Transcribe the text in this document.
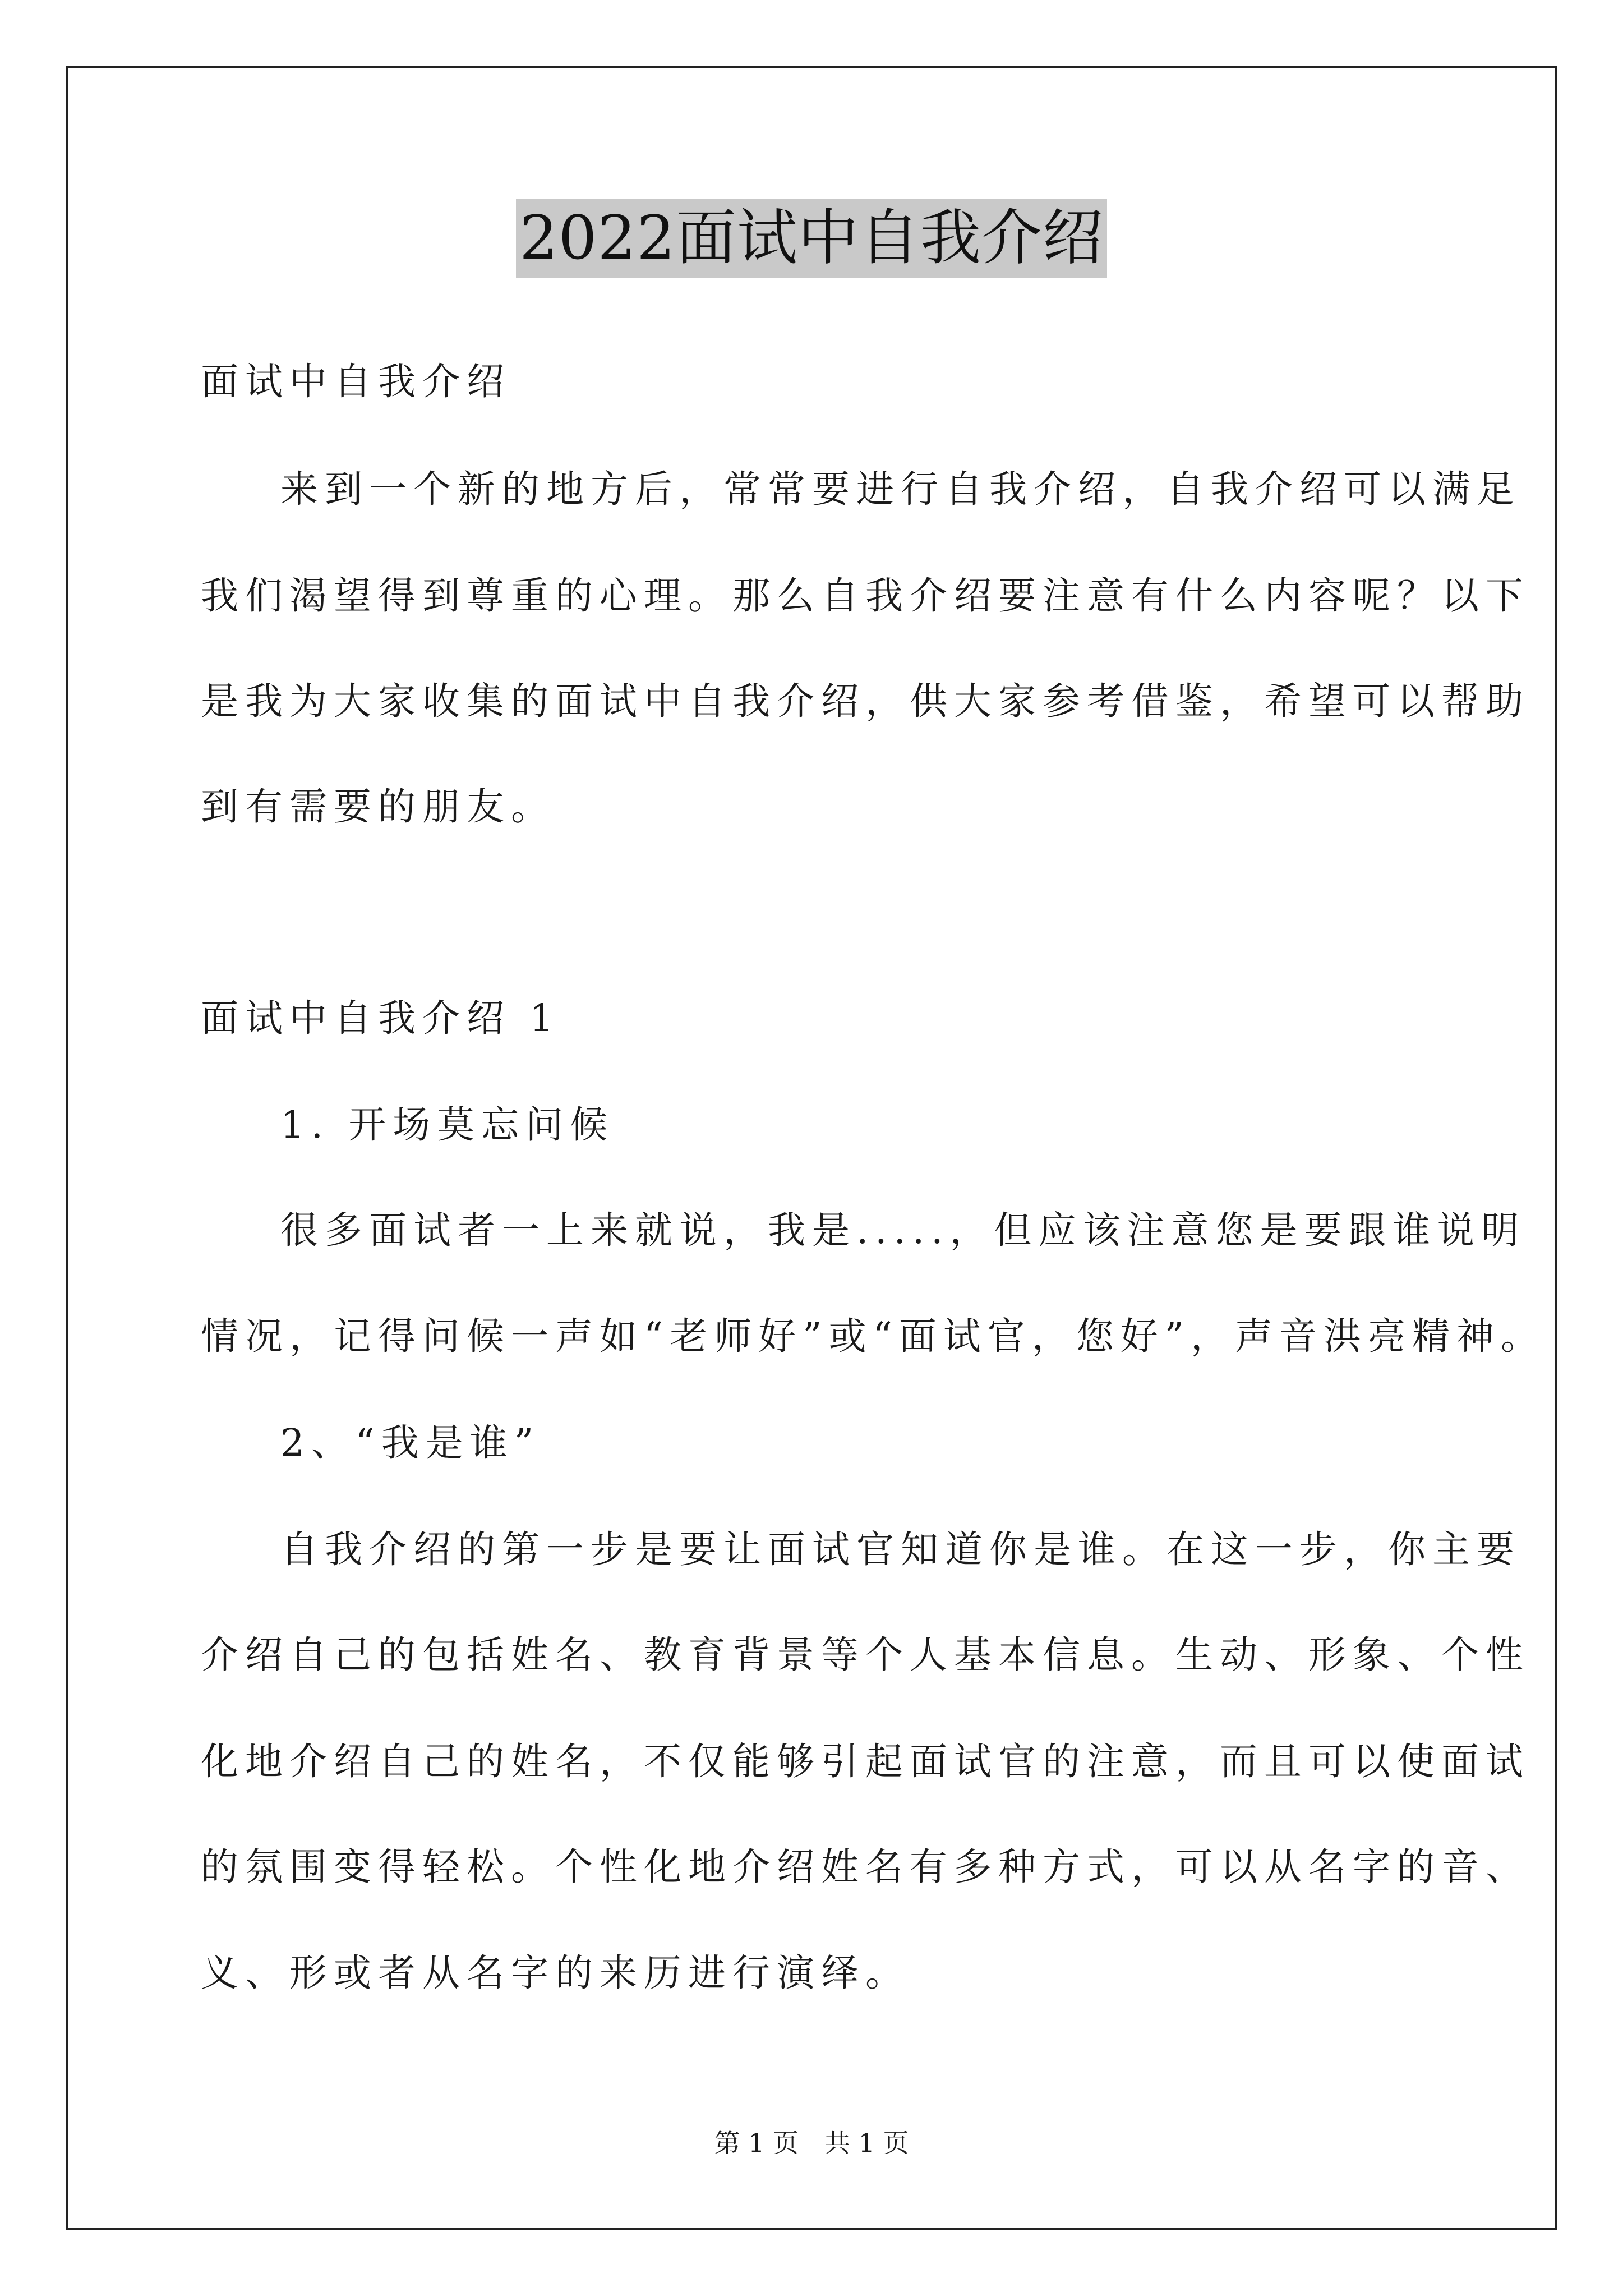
2022面试中自我介绍
面试中自我介绍
来到一个新的地方后，常常要进行自我介绍，自我介绍可以满足
我们渴望得到尊重的心理。那么自我介绍要注意有什么内容呢？以下
是我为大家收集的面试中自我介绍，供大家参考借鉴，希望可以帮助
到有需要的朋友。
面试中自我介绍 1
1. 开场莫忘问候
很多面试者一上来就说，我是.....，但应该注意您是要跟谁说明
情况，记得问候一声如“老师好”或“面试官，您好”，声音洪亮精神。
2、“我是谁”
自我介绍的第一步是要让面试官知道你是谁。在这一步，你主要
介绍自己的包括姓名、教育背景等个人基本信息。生动、形象、个性
化地介绍自己的姓名，不仅能够引起面试官的注意，而且可以使面试
的氛围变得轻松。个性化地介绍姓名有多种方式，可以从名字的音、
义、形或者从名字的来历进行演绎。
第 1 页　共 1 页
